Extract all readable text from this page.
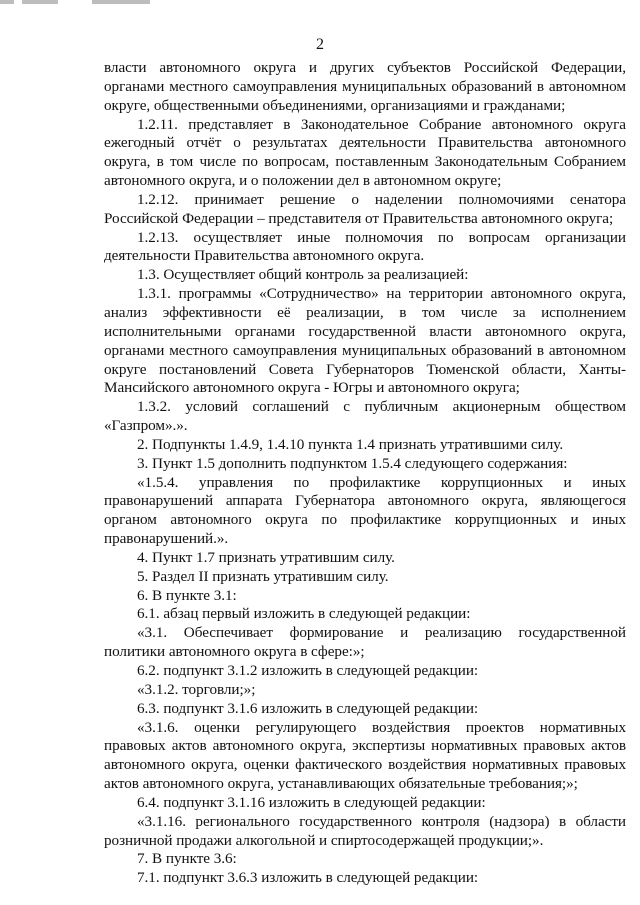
2

власти автономного округа и других субъектов Российской Федерации, органами местного самоуправления муниципальных образований в автономном округе, общественными объединениями, организациями и гражданами;

1.2.11. представляет в Законодательное Собрание автономного округа ежегодный отчёт о результатах деятельности Правительства автономного округа, в том числе по вопросам, поставленным Законодательным Собранием автономного округа, и о положении дел в автономном округе;

1.2.12. принимает решение о наделении полномочиями сенатора Российской Федерации – представителя от Правительства автономного округа;

1.2.13. осуществляет иные полномочия по вопросам организации деятельности Правительства автономного округа.

1.3. Осуществляет общий контроль за реализацией:

1.3.1. программы «Сотрудничество» на территории автономного округа, анализ эффективности её реализации, в том числе за исполнением исполнительными органами государственной власти автономного округа, органами местного самоуправления муниципальных образований в автономном округе постановлений Совета Губернаторов Тюменской области, Ханты-Мансийского автономного округа - Югры и автономного округа;

1.3.2. условий соглашений с публичным акционерным обществом «Газпром».».

2. Подпункты 1.4.9, 1.4.10 пункта 1.4 признать утратившими силу.

3. Пункт 1.5 дополнить подпунктом 1.5.4 следующего содержания:

«1.5.4. управления по профилактике коррупционных и иных правонарушений аппарата Губернатора автономного округа, являющегося органом автономного округа по профилактике коррупционных и иных правонарушений.».

4. Пункт 1.7 признать утратившим силу.

5. Раздел II признать утратившим силу.

6. В пункте 3.1:

6.1. абзац первый изложить в следующей редакции:

«3.1. Обеспечивает формирование и реализацию государственной политики автономного округа в сфере:»;

6.2. подпункт 3.1.2 изложить в следующей редакции:

«3.1.2. торговли;»;

6.3. подпункт 3.1.6 изложить в следующей редакции:

«3.1.6. оценки регулирующего воздействия проектов нормативных правовых актов автономного округа, экспертизы нормативных правовых актов автономного округа, оценки фактического воздействия нормативных правовых актов автономного округа, устанавливающих обязательные требования;»;

6.4. подпункт 3.1.16 изложить в следующей редакции:

«3.1.16. регионального государственного контроля (надзора) в области розничной продажи алкогольной и спиртосодержащей продукции;».

7. В пункте 3.6:

7.1. подпункт 3.6.3 изложить в следующей редакции:
